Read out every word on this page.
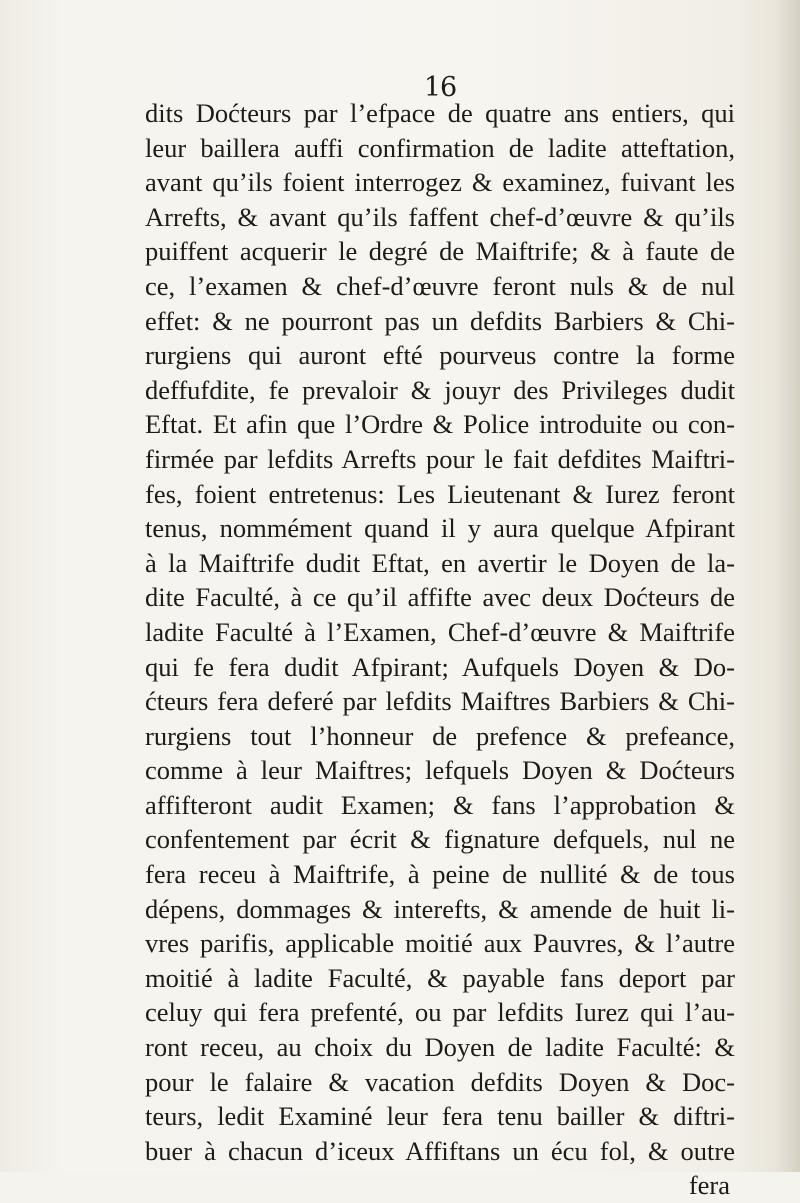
16
dits Doćteurs par l’efpace de quatre ans entiers, qui
leur baillera auffi confirmation de ladite atteftation,
avant qu’ils foient interrogez & examinez, fuivant les
Arrefts, & avant qu’ils faffent chef-d’œuvre & qu’ils
puiffent acquerir le degré de Maiftrife; & à faute de
ce, l’examen & chef-d’œuvre feront nuls & de nul
effet: & ne pourront pas un defdits Barbiers & Chi-
rurgiens qui auront efté pourveus contre la forme
deffufdite, fe prevaloir & jouyr des Privileges dudit
Eftat. Et afin que l’Ordre & Police introduite ou con-
firmée par lefdits Arrefts pour le fait defdites Maiftri-
fes, foient entretenus: Les Lieutenant & Iurez feront
tenus, nommément quand il y aura quelque Afpirant
à la Maiftrife dudit Eftat, en avertir le Doyen de la-
dite Faculté, à ce qu’il affifte avec deux Doćteurs de
ladite Faculté à l’Examen, Chef-d’œuvre & Maiftrife
qui fe fera dudit Afpirant; Aufquels Doyen & Do-
ćteurs fera deferé par lefdits Maiftres Barbiers & Chi-
rurgiens tout l’honneur de prefence & prefeance,
comme à leur Maiftres; lefquels Doyen & Doćteurs
affifteront audit Examen; & fans l’approbation &
confentement par écrit & fignature defquels, nul ne
fera receu à Maiftrife, à peine de nullité & de tous
dépens, dommages & interefts, & amende de huit li-
vres parifis, applicable moitié aux Pauvres, & l’autre
moitié à ladite Faculté, & payable fans deport par
celuy qui fera prefenté, ou par lefdits Iurez qui l’au-
ront receu, au choix du Doyen de ladite Faculté: &
pour le falaire & vacation defdits Doyen & Doc-
teurs, ledit Examiné leur fera tenu bailler & diftri-
buer à chacun d’iceux Affiftans un écu fol, & outre
fera
